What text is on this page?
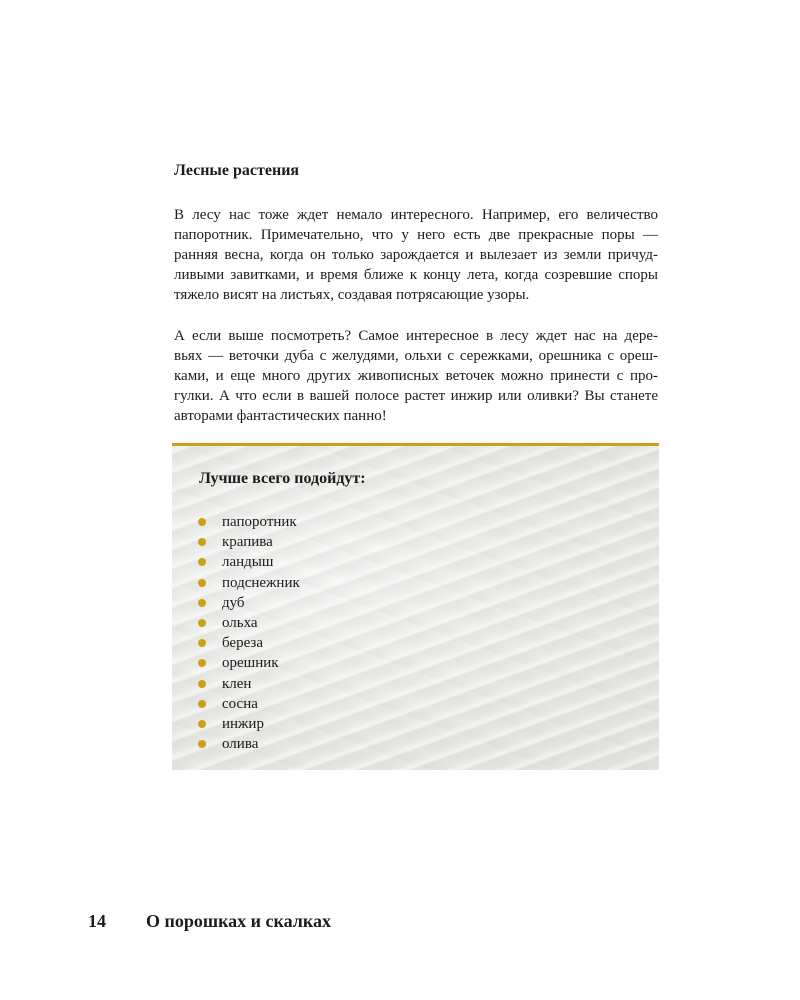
Лесные растения

В лесу нас тоже ждет немало интересного. Например, его величество
папоротник. Примечательно, что у него есть две прекрасные поры —
ранняя весна, когда он только зарождается и вылезает из земли причуд-
ливыми завитками, и время ближе к концу лета, когда созревшие споры
тяжело висят на листьях, создавая потрясающие узоры.

А если выше посмотреть? Самое интересное в лесу ждет нас на дере-
вьях — веточки дуба с желудями, ольхи с сережками, орешника с ореш-
ками, и еще много других живописных веточек можно принести с про-
гулки. А что если в вашей полосе растет инжир или оливки? Вы станете
авторами фантастических панно!

Лучше всего подойдут:
папоротник
крапива
ландыш
подснежник
дуб
ольха
береза
орешник
клен
сосна
инжир
олива
14 О порошках и скалках
